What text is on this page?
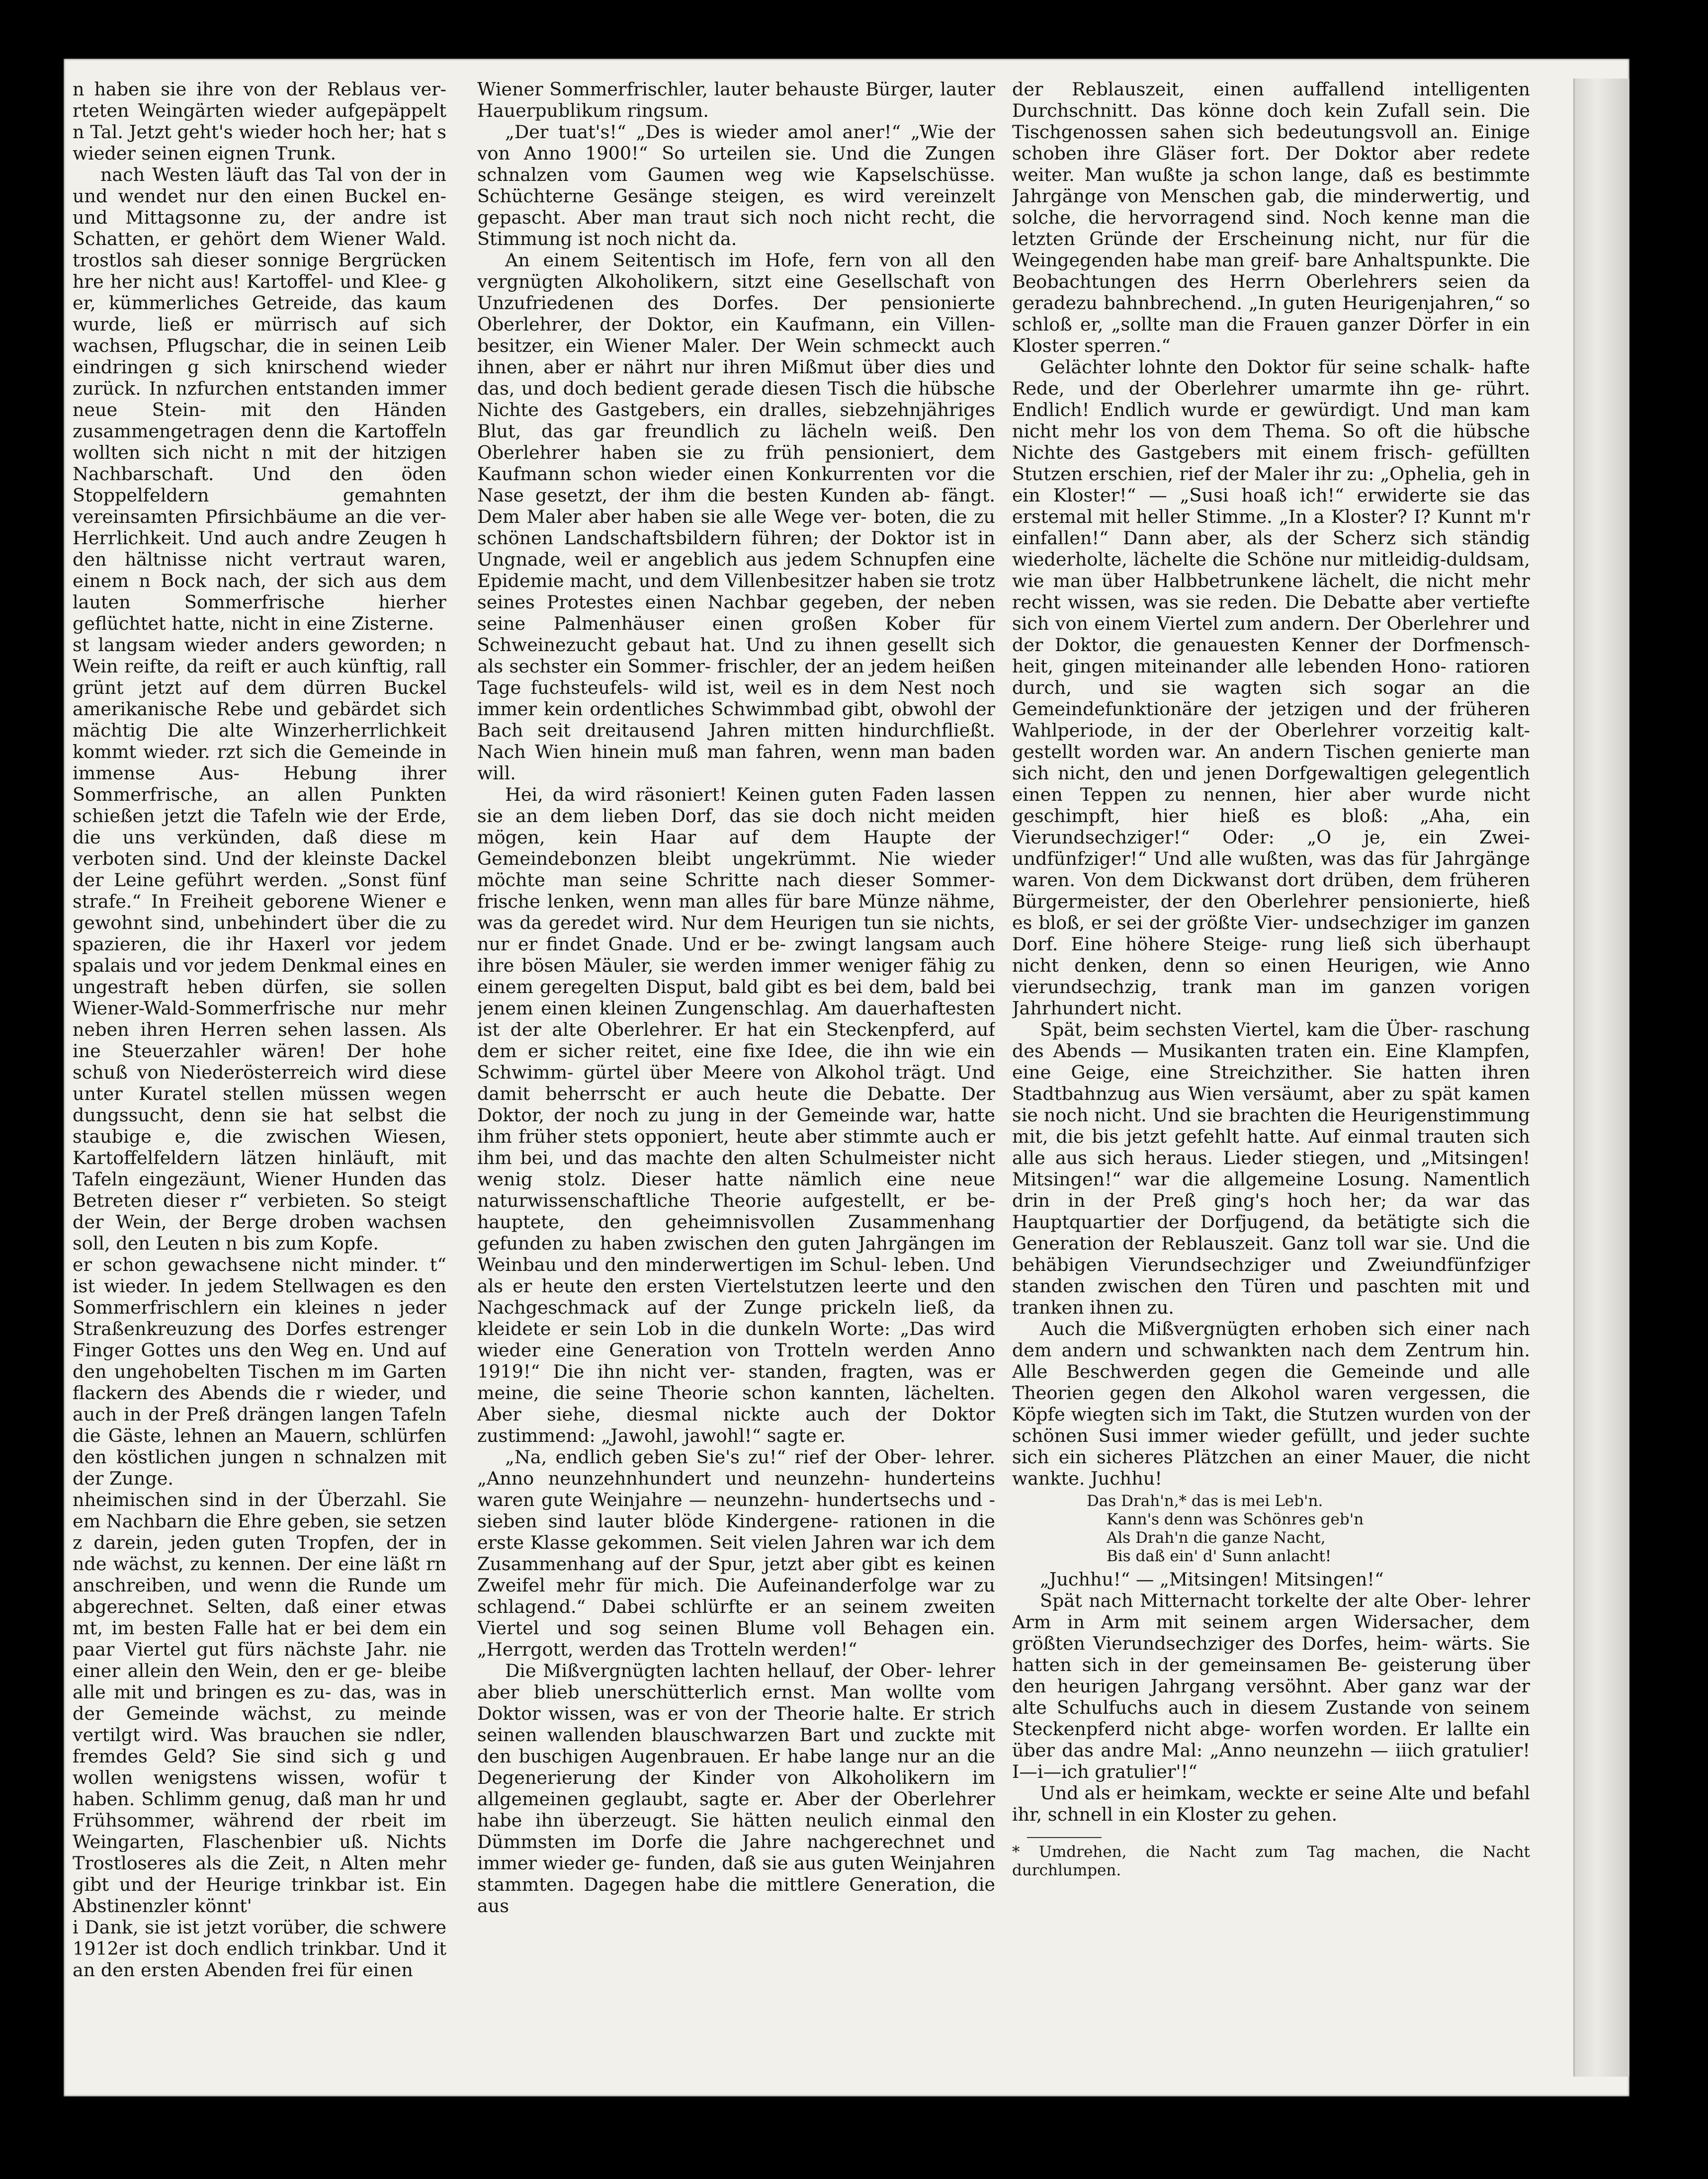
n haben sie ihre von der Reblaus ver- rteten Weingärten wieder aufgepäppelt n Tal. Jetzt geht's wieder hoch her; hat s wieder seinen eignen Trunk.

nach Westen läuft das Tal von der in und wendet nur den einen Buckel en- und Mittagsonne zu, der andre ist Schatten, er gehört dem Wiener Wald. trostlos sah dieser sonnige Bergrücken hre her nicht aus! Kartoffel- und Klee- g er, kümmerliches Getreide, das kaum wurde, ließ er mürrisch auf sich wachsen, Pflugschar, die in seinen Leib eindringen g sich knirschend wieder zurück. In nzfurchen entstanden immer neue Stein- mit den Händen zusammengetragen denn die Kartoffeln wollten sich nicht n mit der hitzigen Nachbarschaft. Und den öden Stoppelfeldern gemahnten vereinsamten Pfirsichbäume an die ver- Herrlichkeit. Und auch andre Zeugen h den hältnisse nicht vertraut waren, einem n Bock nach, der sich aus dem lauten Sommerfrische hierher geflüchtet hatte, nicht in eine Zisterne.

st langsam wieder anders geworden; n Wein reifte, da reift er auch künftig, rall grünt jetzt auf dem dürren Buckel amerikanische Rebe und gebärdet sich mächtig Die alte Winzerherrlichkeit kommt wieder. rzt sich die Gemeinde in immense Aus- Hebung ihrer Sommerfrische, an allen Punkten schießen jetzt die Tafeln wie der Erde, die uns verkünden, daß diese m verboten sind. Und der kleinste Dackel der Leine geführt werden. „Sonst fünf strafe.“ In Freiheit geborene Wiener e gewohnt sind, unbehindert über die zu spazieren, die ihr Haxerl vor jedem spalais und vor jedem Denkmal eines en ungestraft heben dürfen, sie sollen Wiener-Wald-Sommerfrische nur mehr neben ihren Herren sehen lassen. Als ine Steuerzahler wären! Der hohe schuß von Niederösterreich wird diese unter Kuratel stellen müssen wegen dungssucht, denn sie hat selbst die staubige e, die zwischen Wiesen, Kartoffelfeldern lätzen hinläuft, mit Tafeln eingezäunt, Wiener Hunden das Betreten dieser r“ verbieten. So steigt der Wein, der Berge droben wachsen soll, den Leuten n bis zum Kopfe.

er schon gewachsene nicht minder. t“ ist wieder. In jedem Stellwagen es den Sommerfrischlern ein kleines n jeder Straßenkreuzung des Dorfes estrenger Finger Gottes uns den Weg en. Und auf den ungehobelten Tischen m im Garten flackern des Abends die r wieder, und auch in der Preß drängen langen Tafeln die Gäste, lehnen an Mauern, schlürfen den köstlichen jungen n schnalzen mit der Zunge.

nheimischen sind in der Überzahl. Sie em Nachbarn die Ehre geben, sie setzen z darein, jeden guten Tropfen, der in nde wächst, zu kennen. Der eine läßt rn anschreiben, und wenn die Runde um abgerechnet. Selten, daß einer etwas mt, im besten Falle hat er bei dem ein paar Viertel gut fürs nächste Jahr. nie einer allein den Wein, den er ge- bleibe alle mit und bringen es zu- das, was in der Gemeinde wächst, zu meinde vertilgt wird. Was brauchen sie ndler, fremdes Geld? Sie sind sich g und wollen wenigstens wissen, wofür t haben. Schlimm genug, daß man hr und Frühsommer, während der rbeit im Weingarten, Flaschenbier uß. Nichts Trostloseres als die Zeit, n Alten mehr gibt und der Heurige trinkbar ist. Ein Abstinenzler könnt'

i Dank, sie ist jetzt vorüber, die schwere 1912er ist doch endlich trinkbar. Und it an den ersten Abenden frei für einen

Wiener Sommerfrischler, lauter behauste Bürger, lauter Hauerpublikum ringsum.

„Der tuat's!“ „Des is wieder amol aner!“ „Wie der von Anno 1900!“ So urteilen sie. Und die Zungen schnalzen vom Gaumen weg wie Kapselschüsse. Schüchterne Gesänge steigen, es wird vereinzelt gepascht. Aber man traut sich noch nicht recht, die Stimmung ist noch nicht da.

An einem Seitentisch im Hofe, fern von all den vergnügten Alkoholikern, sitzt eine Gesellschaft von Unzufriedenen des Dorfes. Der pensionierte Oberlehrer, der Doktor, ein Kaufmann, ein Villen- besitzer, ein Wiener Maler. Der Wein schmeckt auch ihnen, aber er nährt nur ihren Mißmut über dies und das, und doch bedient gerade diesen Tisch die hübsche Nichte des Gastgebers, ein dralles, siebzehnjähriges Blut, das gar freundlich zu lächeln weiß. Den Oberlehrer haben sie zu früh pensioniert, dem Kaufmann schon wieder einen Konkurrenten vor die Nase gesetzt, der ihm die besten Kunden ab- fängt. Dem Maler aber haben sie alle Wege ver- boten, die zu schönen Landschaftsbildern führen; der Doktor ist in Ungnade, weil er angeblich aus jedem Schnupfen eine Epidemie macht, und dem Villenbesitzer haben sie trotz seines Protestes einen Nachbar gegeben, der neben seine Palmenhäuser einen großen Kober für Schweinezucht gebaut hat. Und zu ihnen gesellt sich als sechster ein Sommer- frischler, der an jedem heißen Tage fuchsteufels- wild ist, weil es in dem Nest noch immer kein ordentliches Schwimmbad gibt, obwohl der Bach seit dreitausend Jahren mitten hindurchfließt. Nach Wien hinein muß man fahren, wenn man baden will.

Hei, da wird räsoniert! Keinen guten Faden lassen sie an dem lieben Dorf, das sie doch nicht meiden mögen, kein Haar auf dem Haupte der Gemeindebonzen bleibt ungekrümmt. Nie wieder möchte man seine Schritte nach dieser Sommer- frische lenken, wenn man alles für bare Münze nähme, was da geredet wird. Nur dem Heurigen tun sie nichts, nur er findet Gnade. Und er be- zwingt langsam auch ihre bösen Mäuler, sie werden immer weniger fähig zu einem geregelten Disput, bald gibt es bei dem, bald bei jenem einen kleinen Zungenschlag. Am dauerhaftesten ist der alte Oberlehrer. Er hat ein Steckenpferd, auf dem er sicher reitet, eine fixe Idee, die ihn wie ein Schwimm- gürtel über Meere von Alkohol trägt. Und damit beherrscht er auch heute die Debatte. Der Doktor, der noch zu jung in der Gemeinde war, hatte ihm früher stets opponiert, heute aber stimmte auch er ihm bei, und das machte den alten Schulmeister nicht wenig stolz. Dieser hatte nämlich eine neue naturwissenschaftliche Theorie aufgestellt, er be- hauptete, den geheimnisvollen Zusammenhang gefunden zu haben zwischen den guten Jahrgängen im Weinbau und den minderwertigen im Schul- leben. Und als er heute den ersten Viertelstutzen leerte und den Nachgeschmack auf der Zunge prickeln ließ, da kleidete er sein Lob in die dunkeln Worte: „Das wird wieder eine Generation von Trotteln werden Anno 1919!“ Die ihn nicht ver- standen, fragten, was er meine, die seine Theorie schon kannten, lächelten. Aber siehe, diesmal nickte auch der Doktor zustimmend: „Jawohl, jawohl!“ sagte er.

„Na, endlich geben Sie's zu!“ rief der Ober- lehrer. „Anno neunzehnhundert und neunzehn- hunderteins waren gute Weinjahre — neunzehn- hundertsechs und -sieben sind lauter blöde Kindergene- rationen in die erste Klasse gekommen. Seit vielen Jahren war ich dem Zusammenhang auf der Spur, jetzt aber gibt es keinen Zweifel mehr für mich. Die Aufeinanderfolge war zu schlagend.“ Dabei schlürfte er an seinem zweiten Viertel und sog seinen Blume voll Behagen ein. „Herrgott, werden das Trotteln werden!“

Die Mißvergnügten lachten hellauf, der Ober- lehrer aber blieb unerschütterlich ernst. Man wollte vom Doktor wissen, was er von der Theorie halte. Er strich seinen wallenden blauschwarzen Bart und zuckte mit den buschigen Augenbrauen. Er habe lange nur an die Degenerierung der Kinder von Alkoholikern im allgemeinen geglaubt, sagte er. Aber der Oberlehrer habe ihn überzeugt. Sie hätten neulich einmal den Dümmsten im Dorfe die Jahre nachgerechnet und immer wieder ge- funden, daß sie aus guten Weinjahren stammten. Dagegen habe die mittlere Generation, die aus

der Reblauszeit, einen auffallend intelligenten Durchschnitt. Das könne doch kein Zufall sein. Die Tischgenossen sahen sich bedeutungsvoll an. Einige schoben ihre Gläser fort. Der Doktor aber redete weiter. Man wußte ja schon lange, daß es bestimmte Jahrgänge von Menschen gab, die minderwertig, und solche, die hervorragend sind. Noch kenne man die letzten Gründe der Erscheinung nicht, nur für die Weingegenden habe man greif- bare Anhaltspunkte. Die Beobachtungen des Herrn Oberlehrers seien da geradezu bahnbrechend. „In guten Heurigenjahren,“ so schloß er, „sollte man die Frauen ganzer Dörfer in ein Kloster sperren.“

Gelächter lohnte den Doktor für seine schalk- hafte Rede, und der Oberlehrer umarmte ihn ge- rührt. Endlich! Endlich wurde er gewürdigt. Und man kam nicht mehr los von dem Thema. So oft die hübsche Nichte des Gastgebers mit einem frisch- gefüllten Stutzen erschien, rief der Maler ihr zu: „Ophelia, geh in ein Kloster!“ — „Susi hoaß ich!“ erwiderte sie das erstemal mit heller Stimme. „In a Kloster? I? Kunnt m'r einfallen!“ Dann aber, als der Scherz sich ständig wiederholte, lächelte die Schöne nur mitleidig-duldsam, wie man über Halbbetrunkene lächelt, die nicht mehr recht wissen, was sie reden. Die Debatte aber vertiefte sich von einem Viertel zum andern. Der Oberlehrer und der Doktor, die genauesten Kenner der Dorfmensch- heit, gingen miteinander alle lebenden Hono- ratioren durch, und sie wagten sich sogar an die Gemeindefunktionäre der jetzigen und der früheren Wahlperiode, in der der Oberlehrer vorzeitig kalt- gestellt worden war. An andern Tischen genierte man sich nicht, den und jenen Dorfgewaltigen gelegentlich einen Teppen zu nennen, hier aber wurde nicht geschimpft, hier hieß es bloß: „Aha, ein Vierundsechziger!“ Oder: „O je, ein Zwei- undfünfziger!“ Und alle wußten, was das für Jahrgänge waren. Von dem Dickwanst dort drüben, dem früheren Bürgermeister, der den Oberlehrer pensionierte, hieß es bloß, er sei der größte Vier- undsechziger im ganzen Dorf. Eine höhere Steige- rung ließ sich überhaupt nicht denken, denn so einen Heurigen, wie Anno vierundsechzig, trank man im ganzen vorigen Jahrhundert nicht.

Spät, beim sechsten Viertel, kam die Über- raschung des Abends — Musikanten traten ein. Eine Klampfen, eine Geige, eine Streichzither. Sie hatten ihren Stadtbahnzug aus Wien versäumt, aber zu spät kamen sie noch nicht. Und sie brachten die Heurigenstimmung mit, die bis jetzt gefehlt hatte. Auf einmal trauten sich alle aus sich heraus. Lieder stiegen, und „Mitsingen! Mitsingen!“ war die allgemeine Losung. Namentlich drin in der Preß ging's hoch her; da war das Hauptquartier der Dorfjugend, da betätigte sich die Generation der Reblauszeit. Ganz toll war sie. Und die behäbigen Vierundsechziger und Zweiundfünfziger standen zwischen den Türen und paschten mit und tranken ihnen zu.

Auch die Mißvergnügten erhoben sich einer nach dem andern und schwankten nach dem Zentrum hin. Alle Beschwerden gegen die Gemeinde und alle Theorien gegen den Alkohol waren vergessen, die Köpfe wiegten sich im Takt, die Stutzen wurden von der schönen Susi immer wieder gefüllt, und jeder suchte sich ein sicheres Plätzchen an einer Mauer, die nicht wankte. Juchhu!

Das Drah'n,* das is mei Leb'n.
Kann's denn was Schönres geb'n
Als Drah'n die ganze Nacht,
Bis daß ein' d' Sunn anlacht!

„Juchhu!“ — „Mitsingen! Mitsingen!“

Spät nach Mitternacht torkelte der alte Ober- lehrer Arm in Arm mit seinem argen Widersacher, dem größten Vierundsechziger des Dorfes, heim- wärts. Sie hatten sich in der gemeinsamen Be- geisterung über den heurigen Jahrgang versöhnt. Aber ganz war der alte Schulfuchs auch in diesem Zustande von seinem Steckenpferd nicht abge- worfen worden. Er lallte ein über das andre Mal: „Anno neunzehn — iiich gratulier! I—i—ich gratulier'!“

Und als er heimkam, weckte er seine Alte und befahl ihr, schnell in ein Kloster zu gehen.

* Umdrehen, die Nacht zum Tag machen, die Nacht durchlumpen.
